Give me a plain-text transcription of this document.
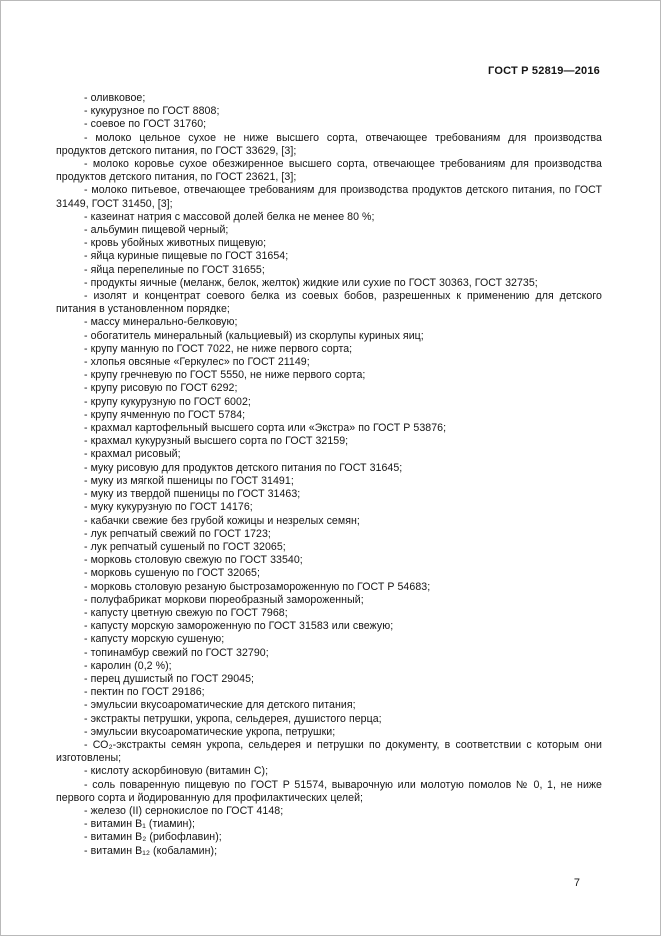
ГОСТ Р 52819—2016

- оливковое;

- кукурузное по ГОСТ 8808;

- соевое по ГОСТ 31760;

- молоко цельное сухое не ниже высшего сорта, отвечающее требованиям для производства продуктов детского питания, по ГОСТ 33629, [3];

- молоко коровье сухое обезжиренное высшего сорта, отвечающее требованиям для производства продуктов детского питания, по ГОСТ 23621, [3];

- молоко питьевое, отвечающее требованиям для производства продуктов детского питания, по ГОСТ 31449, ГОСТ 31450, [3];

- казеинат натрия с массовой долей белка не менее 80 %;

- альбумин пищевой черный;

- кровь убойных животных пищевую;

- яйца куриные пищевые по ГОСТ 31654;

- яйца перепелиные по ГОСТ 31655;

- продукты яичные (меланж, белок, желток) жидкие или сухие по ГОСТ 30363, ГОСТ 32735;

- изолят и концентрат соевого белка из соевых бобов, разрешенных к применению для детского питания в установленном порядке;

- массу минерально-белковую;

- обогатитель минеральный (кальциевый) из скорлупы куриных яиц;

- крупу манную по ГОСТ 7022, не ниже первого сорта;

- хлопья овсяные «Геркулес» по ГОСТ 21149;

- крупу гречневую по ГОСТ 5550, не ниже первого сорта;

- крупу рисовую по ГОСТ 6292;

- крупу кукурузную по ГОСТ 6002;

- крупу ячменную по ГОСТ 5784;

- крахмал картофельный высшего сорта или «Экстра» по ГОСТ Р 53876;

- крахмал кукурузный высшего сорта по ГОСТ 32159;

- крахмал рисовый;

- муку рисовую для продуктов детского питания по ГОСТ 31645;

- муку из мягкой пшеницы по ГОСТ 31491;

- муку из твердой пшеницы по ГОСТ 31463;

- муку кукурузную по ГОСТ 14176;

- кабачки свежие без грубой кожицы и незрелых семян;

- лук репчатый свежий по ГОСТ 1723;

- лук репчатый сушеный по ГОСТ 32065;

- морковь столовую свежую по ГОСТ 33540;

- морковь сушеную по ГОСТ 32065;

- морковь столовую резаную быстрозамороженную по ГОСТ Р 54683;

- полуфабрикат моркови пюреобразный замороженный;

- капусту цветную свежую по ГОСТ 7968;

- капусту морскую замороженную по ГОСТ 31583 или свежую;

- капусту морскую сушеную;

- топинамбур свежий по ГОСТ 32790;

- каролин (0,2 %);

- перец душистый по ГОСТ 29045;

- пектин по ГОСТ 29186;

- эмульсии вкусоароматические для детского питания;

- экстракты петрушки, укропа, сельдерея, душистого перца;

- эмульсии вкусоароматические укропа, петрушки;

- СО₂-экстракты семян укропа, сельдерея и петрушки по документу, в соответствии с которым они изготовлены;

- кислоту аскорбиновую (витамин С);

- соль поваренную пищевую по ГОСТ Р 51574, выварочную или молотую помолов № 0, 1, не ниже первого сорта и йодированную для профилактических целей;

- железо (II) сернокислое по ГОСТ 4148;

- витамин В₁ (тиамин);

- витамин В₂ (рибофлавин);

- витамин В₁₂ (кобаламин);

7
